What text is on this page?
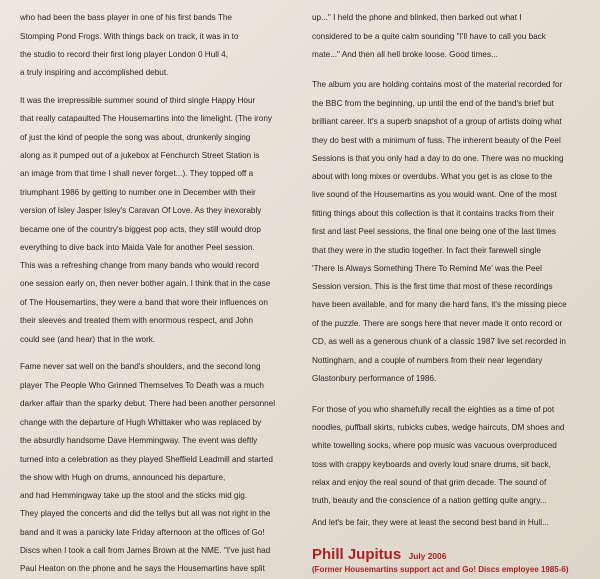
who had been the bass player in one of his first bands The
Stomping Pond Frogs. With things back on track, it was in to
the studio to record their first long player London 0 Hull 4,
a truly inspiring and accomplished debut.
It was the irrepressible summer sound of third single Happy Hour
that really catapaulted The Housemartins into the limelight. (The irony
of just the kind of people the song was about, drunkenly singing
along as it pumped out of a jukebox at Fenchurch Street Station is
an image from that time I shall never forget...). They topped off a
triumphant 1986 by getting to number one in December with their
version of Isley Jasper Isley's Caravan Of Love. As they inexorably
became one of the country's biggest pop acts, they still would drop
everything to dive back into Maida Vale for another Peel session.
This was a refreshing change from many bands who would record
one session early on, then never bother again. I think that in the case
of The Housemartins, they were a band that wore their influences on
their sleeves and treated them with enormous respect, and John
could see (and hear) that in the work.
Fame never sat well on the band's shoulders, and the second long
player The People Who Grinned Themselves To Death was a much
darker affair than the sparky debut. There had been another personnel
change with the departure of Hugh Whittaker who was replaced by
the absurdly handsome Dave Hemmingway. The event was deftly
turned into a celebration as they played Sheffield Leadmill and started
the show with Hugh on drums, announced his departure,
and had Hemmingway take up the stool and the sticks mid gig.
They played the concerts and did the tellys but all was not right in the
band and it was a panicky late Friday afternoon at the offices of Go!
Discs when I took a call from James Brown at the NME. "I've just had
Paul Heaton on the phone and he says the Housemartins have split
up..." I held the phone and blinked, then barked out what I
considered to be a quite calm sounding "I'll have to call you back
mate..." And then all hell broke loose. Good times...
The album you are holding contains most of the material recorded for
the BBC from the beginning, up until the end of the band's brief but
brilliant career. It's a superb snapshot of a group of artists doing what
they do best with a minimum of fuss. The inherent beauty of the Peel
Sessions is that you only had a day to do one. There was no mucking
about with long mixes or overdubs. What you get is as close to the
live sound of the Housemartins as you would want. One of the most
fitting things about this collection is that it contains tracks from their
first and last Peel sessions, the final one being one of the last times
that they were in the studio together. In fact their farewell single
'There Is Always Something There To Remind Me' was the Peel
Session version. This is the first time that most of these recordings
have been available, and for many die hard fans, it's the missing piece
of the puzzle. There are songs here that never made it onto record or
CD, as well as a generous chunk of a classic 1987 live set recorded in
Nottingham, and a couple of numbers from their near legendary
Glastonbury performance of 1986.
For those of you who shamefully recall the eighties as a time of pot
noodles, puffball skirts, rubicks cubes, wedge haircuts, DM shoes and
white towelling socks, where pop music was vacuous overproduced
toss with crappy keyboards and overly loud snare drums, sit back,
relax and enjoy the real sound of that grim decade. The sound of
truth, beauty and the conscience of a nation getting quite angry...
And let's be fair, they were at least the second best band in Hull...
Phill Jupitus July 2006
(Former Housemartins support act and Go! Discs employee 1985-6)
